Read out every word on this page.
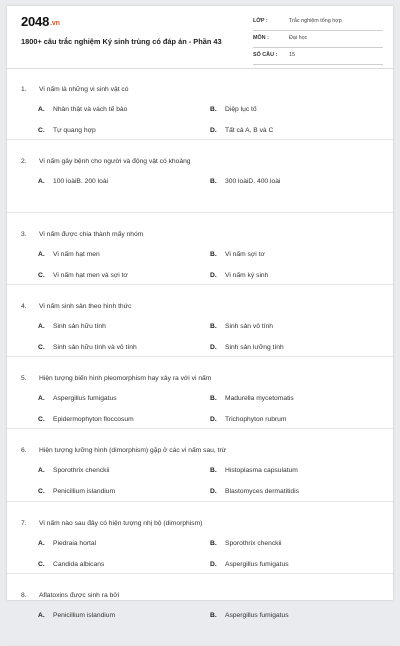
2048.vn
1800+ câu trắc nghiệm Ký sinh trùng có đáp án - Phần 43
LỚP :	Trắc nghiệm tổng hợp
MÔN :	Đại học
SỐ CÂU : 15
1. Vi nấm là những vi sinh vật có
A. Nhân thật và vách tế bào	B. Diệp lục tố
C. Tự quang hợp	D. Tất cả A, B và C
2. Vi nấm gây bệnh cho người và động vật có khoảng
A. 100 loàiB. 200 loài	B. 300 loàiD. 400 loài
3. Vi nấm được chia thành mấy nhóm
A. Vi nấm hạt men	B. Vi nấm sợi tơ
C. Vi nấm hạt men và sợi tơ	D. Vi nấm ký sinh
4. Vi nấm sinh sản theo hình thức
A. Sinh sản hữu tính	B. Sinh sản vô tính
C. Sinh sản hữu tính và vô tính	D. Sinh sản lưỡng tính
5. Hiện tượng biến hình pleomorphism hay xảy ra với vi nấm
A. Aspergillus fumigatus	B. Madurella mycetomatis
C. Epidermophyton floccosum	D. Trichophyton rubrum
6. Hiện tượng lưỡng hình (dimorphism) gặp ở các vi nấm sau, trừ
A. Sporothrix chenckii	B. Histoplasma capsulatum
C. Penicillium islandium	D. Blastomyces dermatitidis
7. Vi nấm nào sau đây có hiện tượng nhị bộ (dimorphism)
A. Piedraia hortal	B. Sporothrix chenckii
C. Candida albicans	D. Aspergillus fumigatus
8. Aflatoxins được sinh ra bởi
A. Penicillium islandium	B. Aspergillus fumigatus
